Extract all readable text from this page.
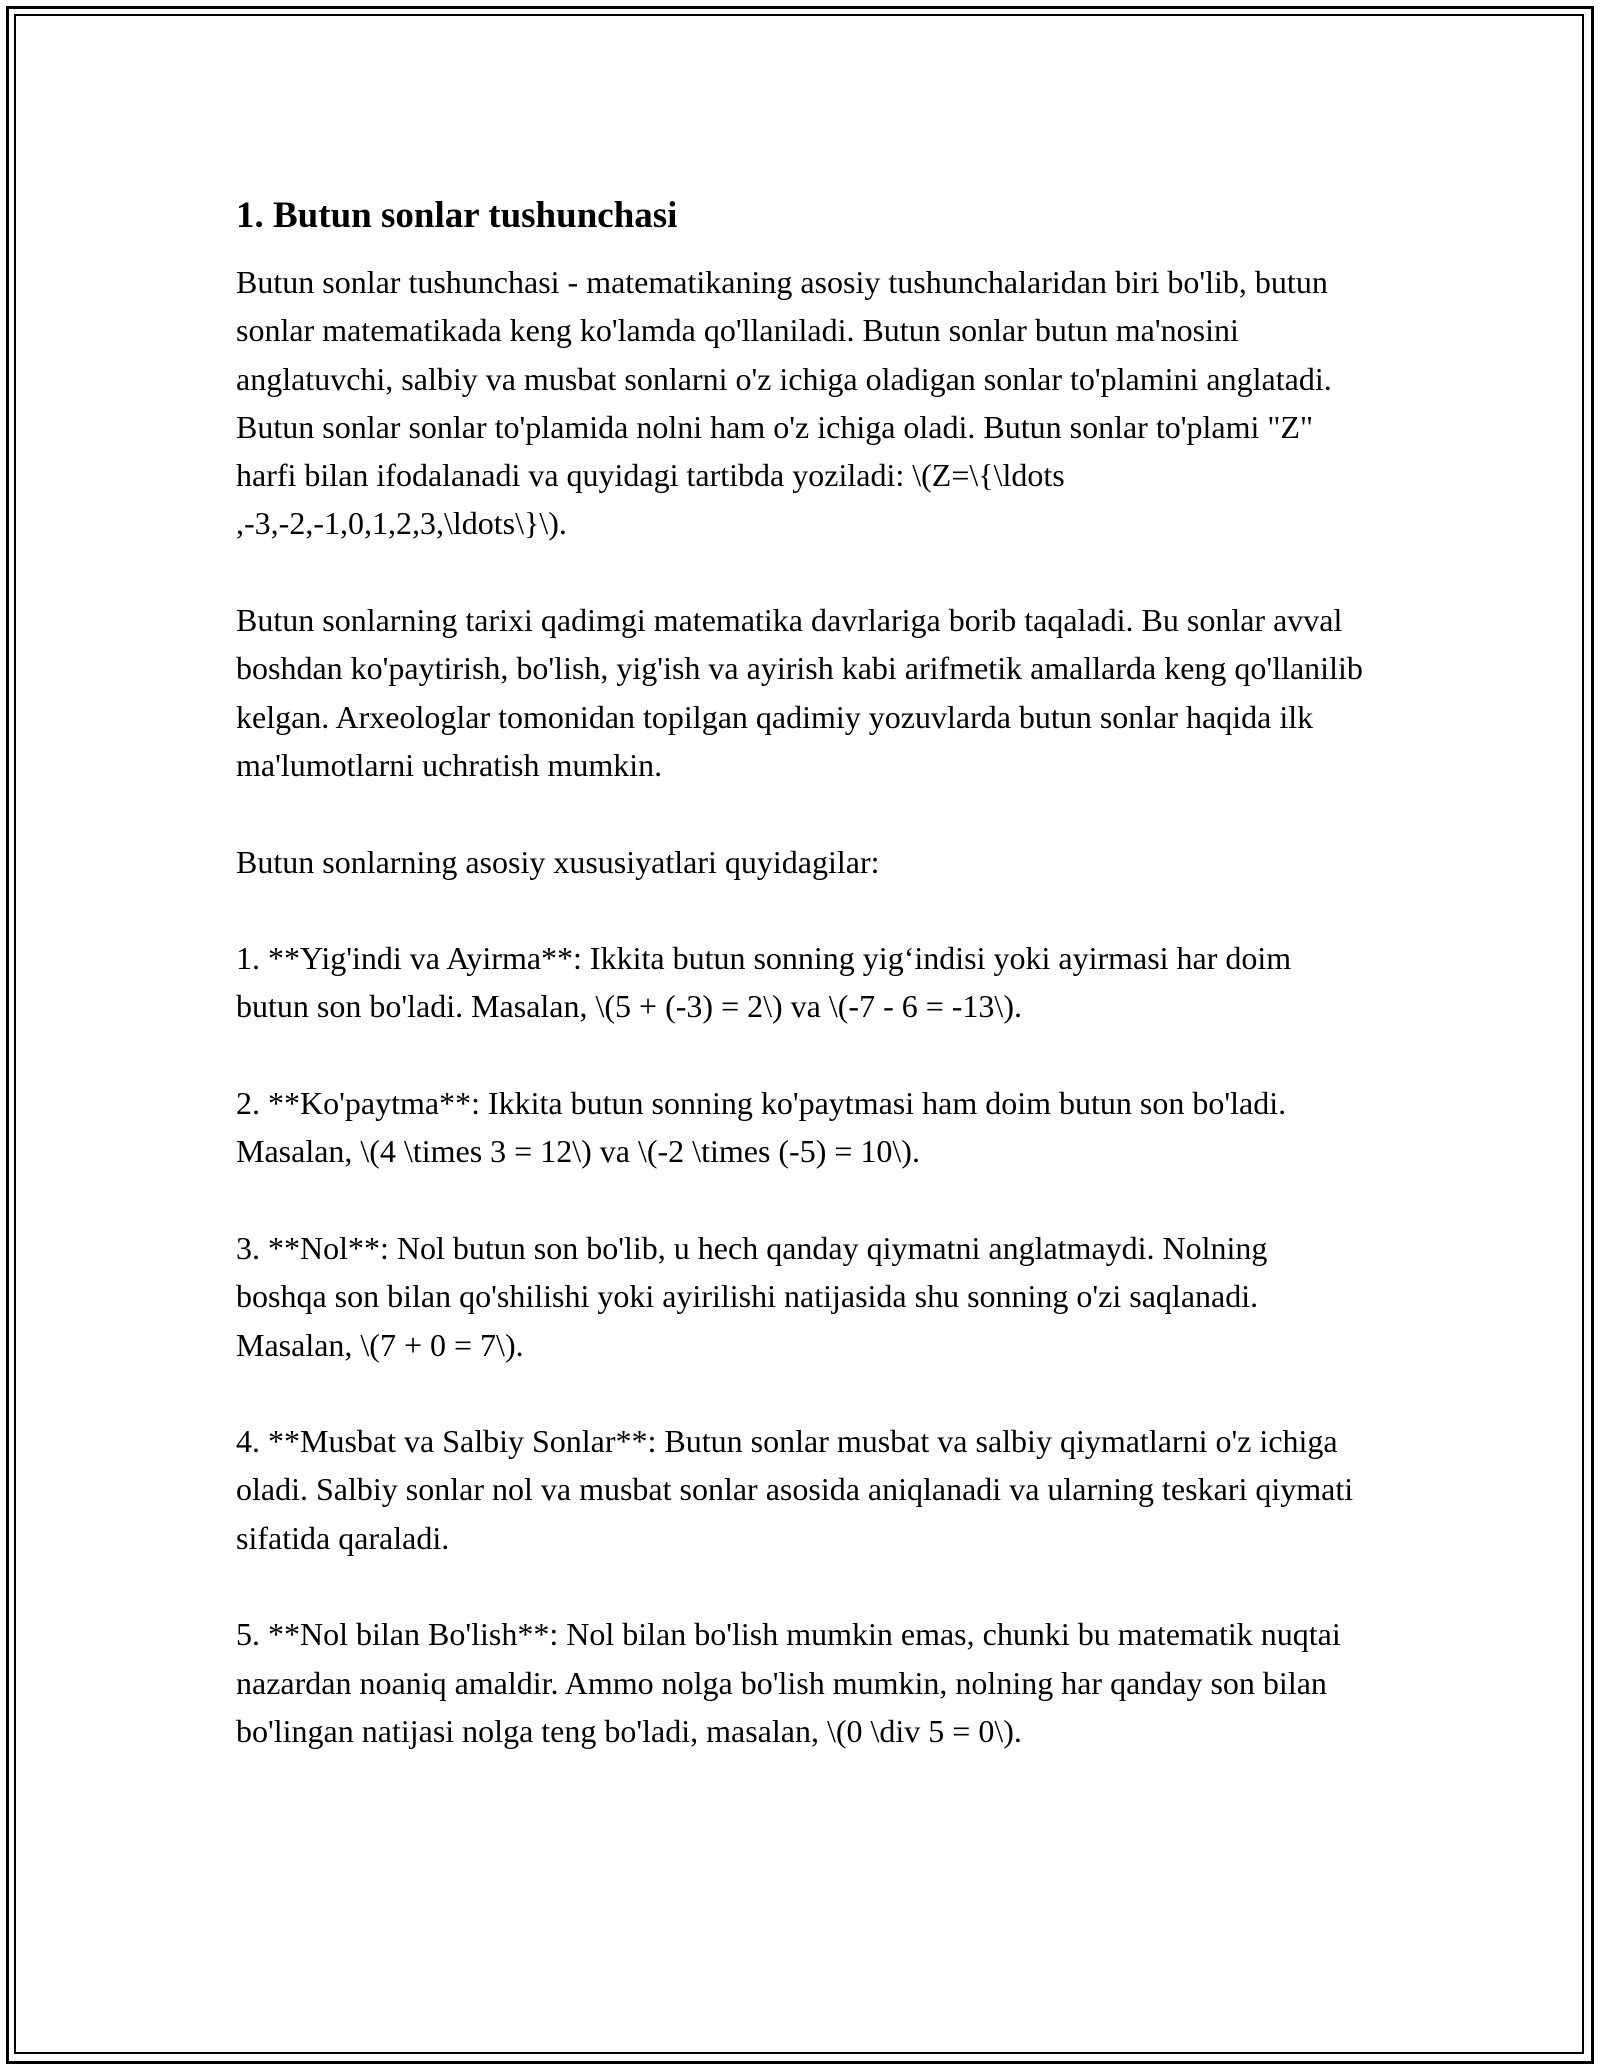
1. Butun sonlar tushunchasi

Butun sonlar tushunchasi - matematikaning asosiy tushunchalaridan biri bo'lib, butun sonlar matematikada keng ko'lamda qo'llaniladi. Butun sonlar butun ma'nosini anglatuvchi, salbiy va musbat sonlarni o'z ichiga oladigan sonlar to'plamini anglatadi. Butun sonlar sonlar to'plamida nolni ham o'z ichiga oladi. Butun sonlar to'plami "Z" harfi bilan ifodalanadi va quyidagi tartibda yoziladi: \(Z=\{\ldots ,-3,-2,-1,0,1,2,3,\ldots\}\).

Butun sonlarning tarixi qadimgi matematika davrlariga borib taqaladi. Bu sonlar avval boshdan ko'paytirish, bo'lish, yig'ish va ayirish kabi arifmetik amallarda keng qo'llanilib kelgan. Arxeologlar tomonidan topilgan qadimiy yozuvlarda butun sonlar haqida ilk ma'lumotlarni uchratish mumkin.

Butun sonlarning asosiy xususiyatlari quyidagilar:

1. **Yig'indi va Ayirma**: Ikkita butun sonning yig‘indisi yoki ayirmasi har doim butun son bo'ladi. Masalan, \(5 + (-3) = 2\) va \(-7 - 6 = -13\).

2. **Ko'paytma**: Ikkita butun sonning ko'paytmasi ham doim butun son bo'ladi. Masalan, \(4 \times 3 = 12\) va \(-2 \times (-5) = 10\).

3. **Nol**: Nol butun son bo'lib, u hech qanday qiymatni anglatmaydi. Nolning boshqa son bilan qo'shilishi yoki ayirilishi natijasida shu sonning o'zi saqlanadi. Masalan, \(7 + 0 = 7\).

4. **Musbat va Salbiy Sonlar**: Butun sonlar musbat va salbiy qiymatlarni o'z ichiga oladi. Salbiy sonlar nol va musbat sonlar asosida aniqlanadi va ularning teskari qiymati sifatida qaraladi.

5. **Nol bilan Bo'lish**: Nol bilan bo'lish mumkin emas, chunki bu matematik nuqtai nazardan noaniq amaldir. Ammo nolga bo'lish mumkin, nolning har qanday son bilan bo'lingan natijasi nolga teng bo'ladi, masalan, \(0 \div 5 = 0\).
